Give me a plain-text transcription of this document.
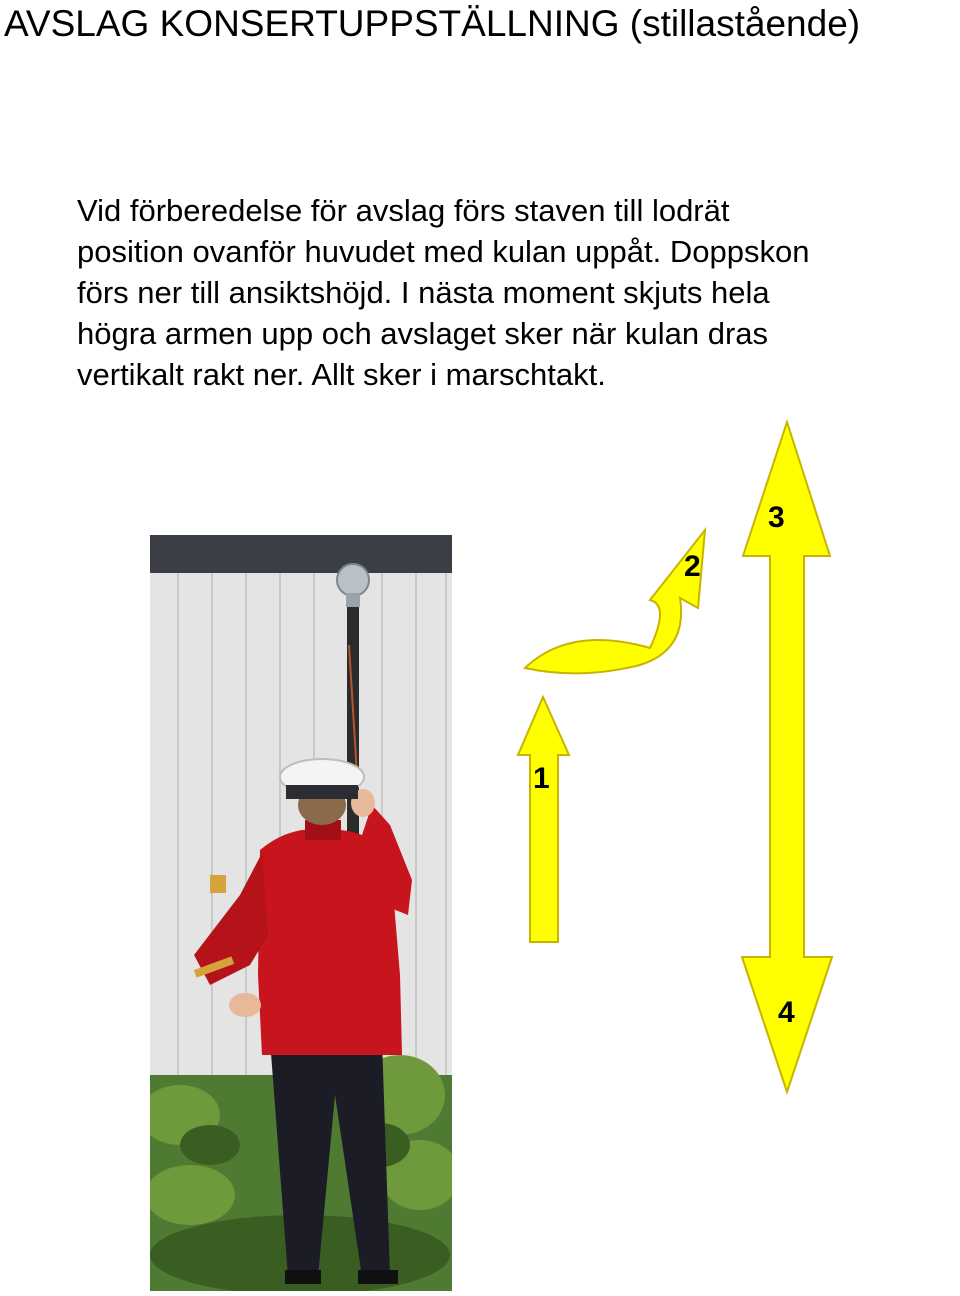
AVSLAG KONSERTUPPSTÄLLNING (stillastående)

Vid förberedelse för avslag förs staven till lodrät
position ovanför huvudet med kulan uppåt. Doppskon
förs ner till ansiktshöjd. I nästa moment skjuts hela
högra armen upp och avslaget sker när kulan dras
vertikalt rakt ner. Allt sker i marschtakt.

1
2
3
4
